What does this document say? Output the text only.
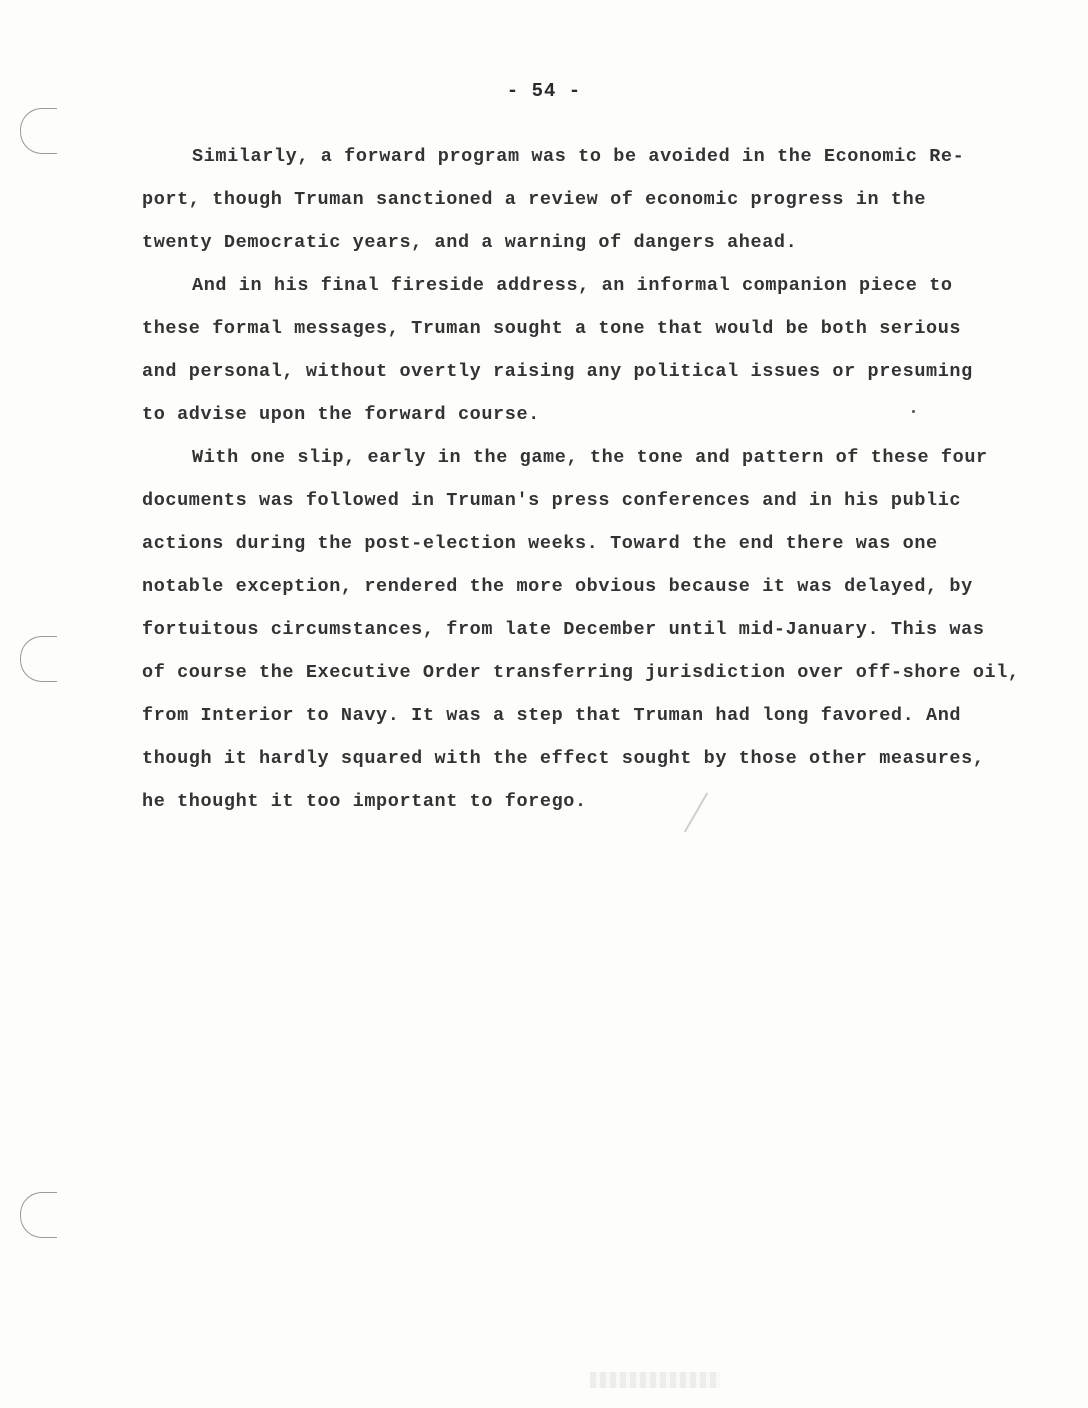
- 54 -
Similarly, a forward program was to be avoided in the Economic Re-
port, though Truman sanctioned a review of economic progress in the
twenty Democratic years, and a warning of dangers ahead.
And in his final fireside address, an informal companion piece to
these formal messages, Truman sought a tone that would be both serious
and personal, without overtly raising any political issues or presuming
to advise upon the forward course.
With one slip, early in the game, the tone and pattern of these four
documents was followed in Truman's press conferences and in his public
actions during the post-election weeks. Toward the end there was one
notable exception, rendered the more obvious because it was delayed, by
fortuitous circumstances, from late December until mid-January. This was
of course the Executive Order transferring jurisdiction over off-shore oil,
from Interior to Navy. It was a step that Truman had long favored. And
though it hardly squared with the effect sought by those other measures,
he thought it too important to forego.
